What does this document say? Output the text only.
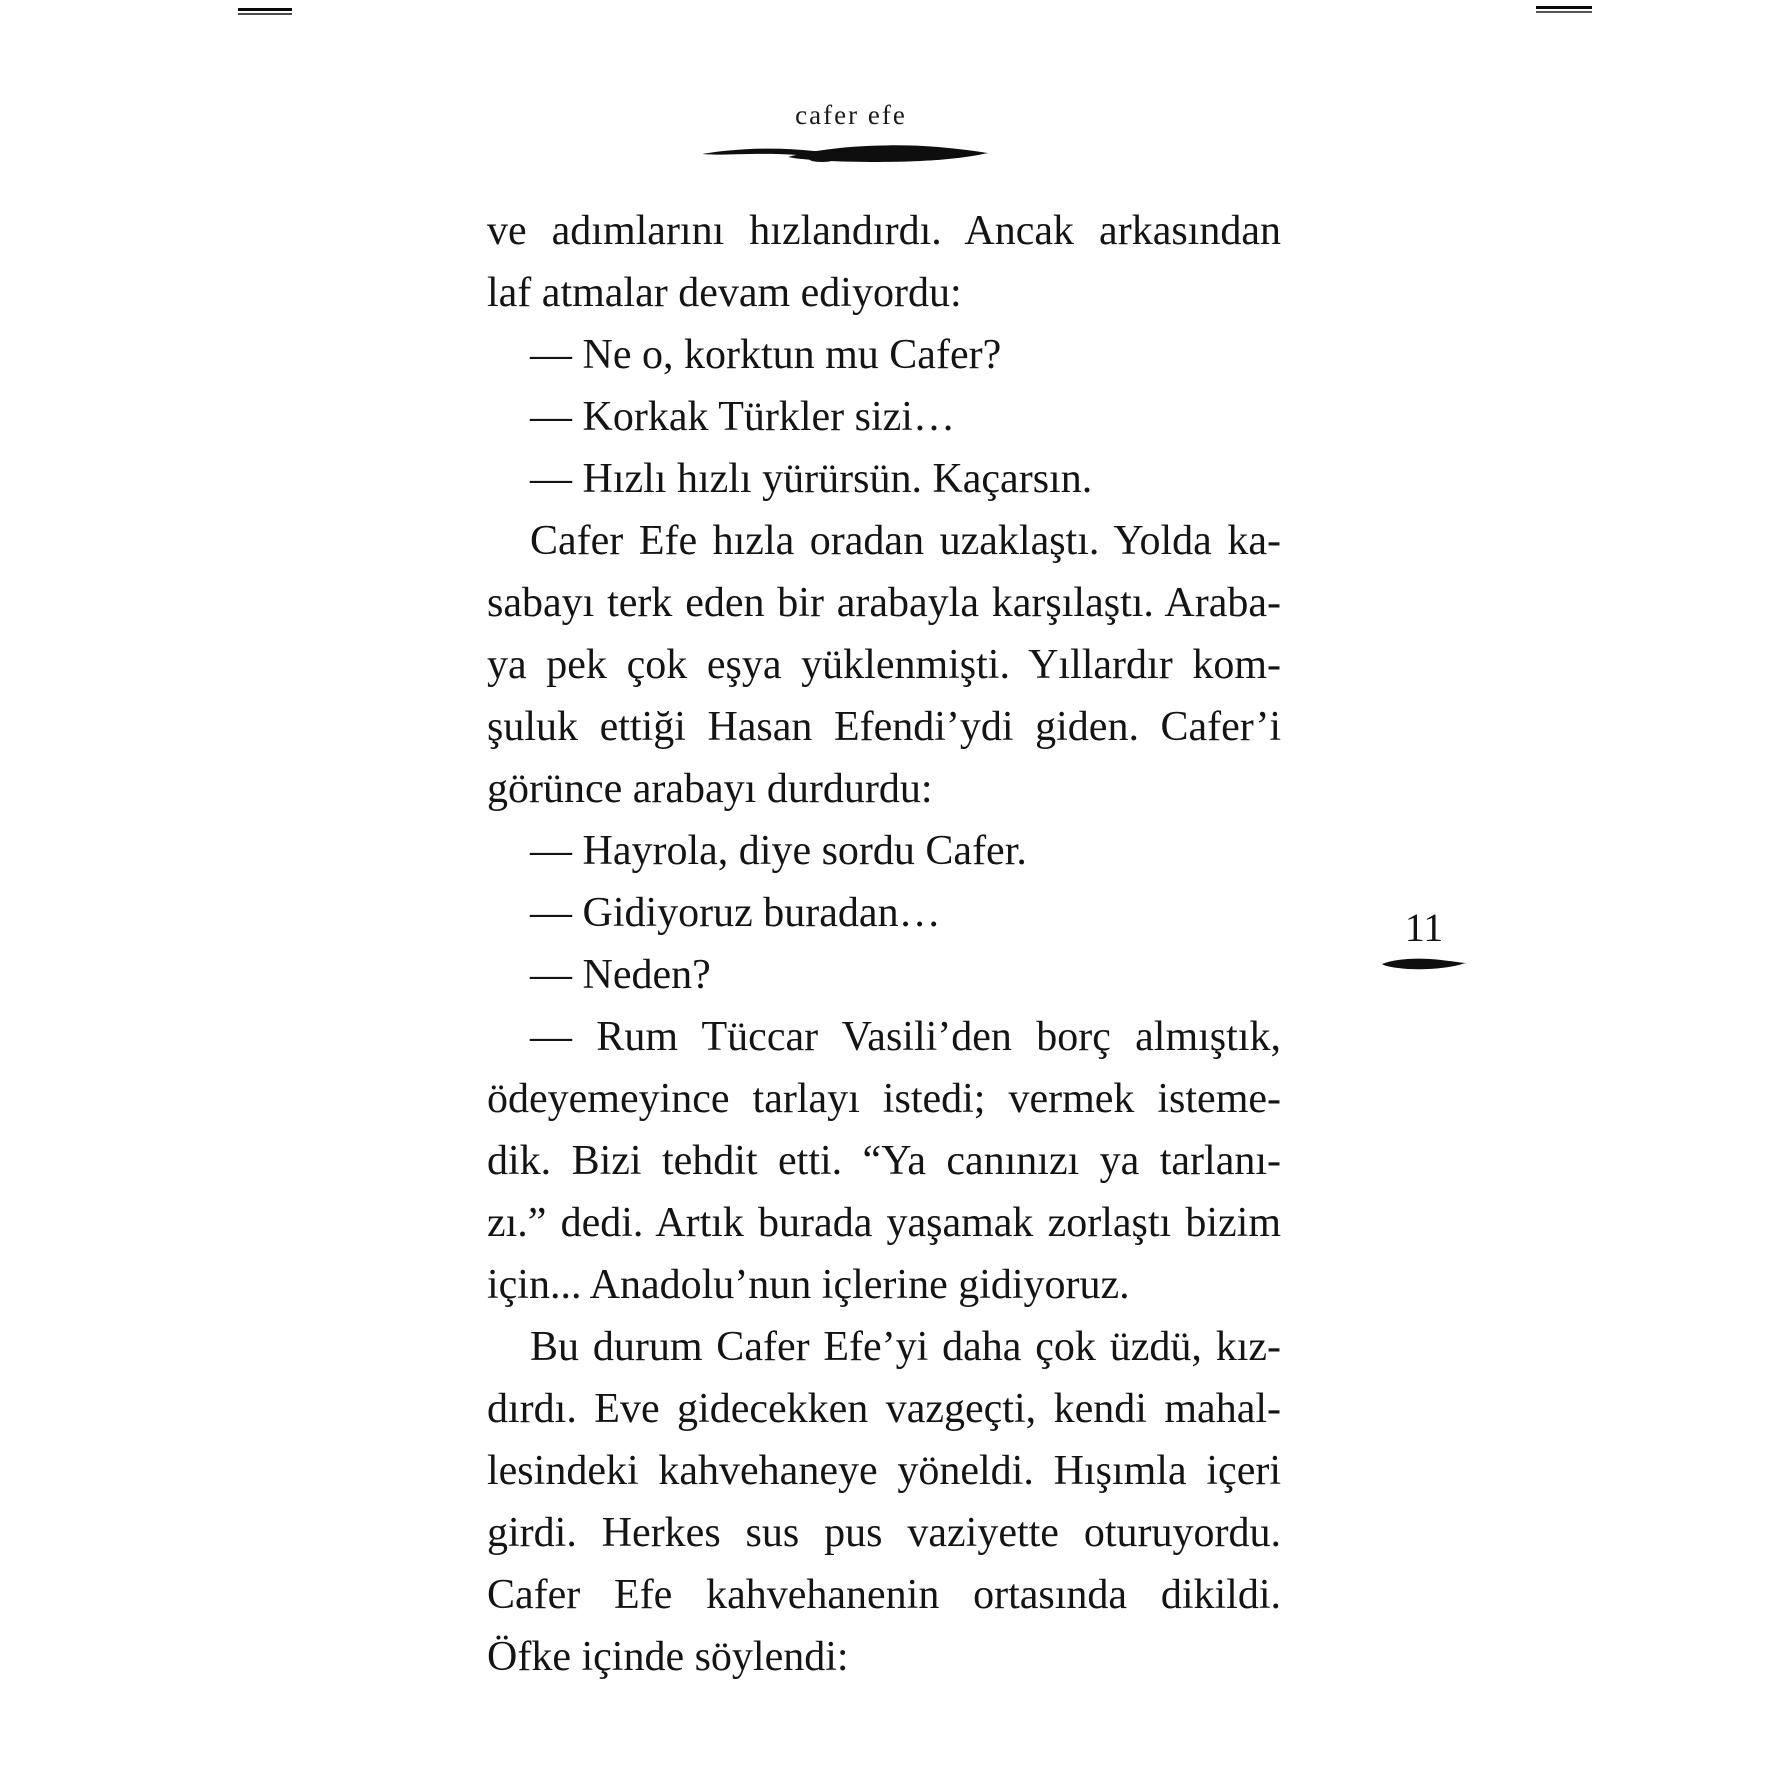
cafer efe
ve adımlarını hızlandırdı. Ancak arkasından
laf atmalar devam ediyordu:
— Ne o, korktun mu Cafer?
— Korkak Türkler sizi…
— Hızlı hızlı yürürsün. Kaçarsın.
Cafer Efe hızla oradan uzaklaştı. Yolda ka-
sabayı terk eden bir arabayla karşılaştı. Araba-
ya pek çok eşya yüklenmişti. Yıllardır kom-
şuluk ettiği Hasan Efendi’ydi giden. Cafer’i
görünce arabayı durdurdu:
— Hayrola, diye sordu Cafer.
— Gidiyoruz buradan…
— Neden?
— Rum Tüccar Vasili’den borç almıştık,
ödeyemeyince tarlayı istedi; vermek isteme-
dik. Bizi tehdit etti. “Ya canınızı ya tarlanı-
zı.” dedi. Artık burada yaşamak zorlaştı bizim
için... Anadolu’nun içlerine gidiyoruz.
Bu durum Cafer Efe’yi daha çok üzdü, kız-
dırdı. Eve gidecekken vazgeçti, kendi mahal-
lesindeki kahvehaneye yöneldi. Hışımla içeri
girdi. Herkes sus pus vaziyette oturuyordu.
Cafer Efe kahvehanenin ortasında dikildi.
Öfke içinde söylendi:
11
